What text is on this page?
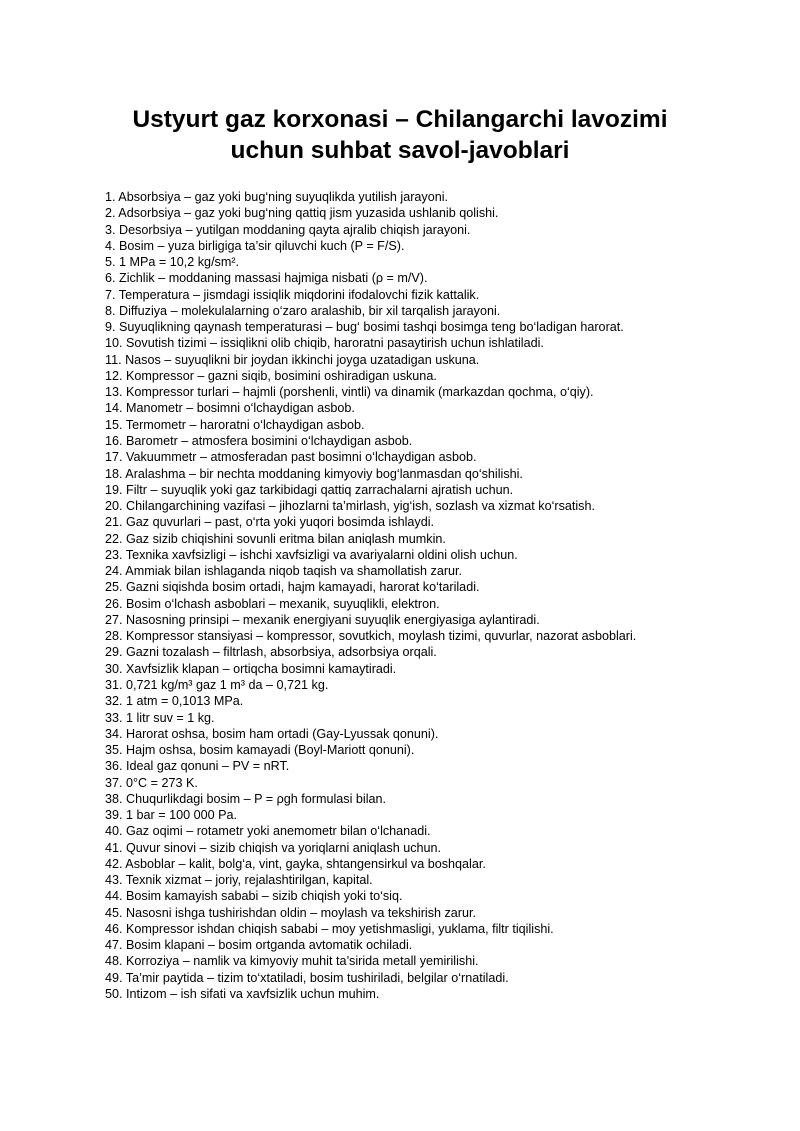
Ustyurt gaz korxonasi – Chilangarchi lavozimi
uchun suhbat savol-javoblari
1. Absorbsiya – gaz yoki bug‘ning suyuqlikda yutilish jarayoni.
2. Adsorbsiya – gaz yoki bug‘ning qattiq jism yuzasida ushlanib qolishi.
3. Desorbsiya – yutilgan moddaning qayta ajralib chiqish jarayoni.
4. Bosim – yuza birligiga ta’sir qiluvchi kuch (P = F/S).
5. 1 MPa = 10,2 kg/sm².
6. Zichlik – moddaning massasi hajmiga nisbati (ρ = m/V).
7. Temperatura – jismdagi issiqlik miqdorini ifodalovchi fizik kattalik.
8. Diffuziya – molekulalarning o‘zaro aralashib, bir xil tarqalish jarayoni.
9. Suyuqlikning qaynash temperaturasi – bug‘ bosimi tashqi bosimga teng bo‘ladigan harorat.
10. Sovutish tizimi – issiqlikni olib chiqib, haroratni pasaytirish uchun ishlatiladi.
11. Nasos – suyuqlikni bir joydan ikkinchi joyga uzatadigan uskuna.
12. Kompressor – gazni siqib, bosimini oshiradigan uskuna.
13. Kompressor turlari – hajmli (porshenli, vintli) va dinamik (markazdan qochma, o‘qiy).
14. Manometr – bosimni o‘lchaydigan asbob.
15. Termometr – haroratni o‘lchaydigan asbob.
16. Barometr – atmosfera bosimini o‘lchaydigan asbob.
17. Vakuummetr – atmosferadan past bosimni o‘lchaydigan asbob.
18. Aralashma – bir nechta moddaning kimyoviy bog‘lanmasdan qo‘shilishi.
19. Filtr – suyuqlik yoki gaz tarkibidagi qattiq zarrachalarni ajratish uchun.
20. Chilangarchining vazifasi – jihozlarni ta’mirlash, yig‘ish, sozlash va xizmat ko‘rsatish.
21. Gaz quvurlari – past, o‘rta yoki yuqori bosimda ishlaydi.
22. Gaz sizib chiqishini sovunli eritma bilan aniqlash mumkin.
23. Texnika xavfsizligi – ishchi xavfsizligi va avariyalarni oldini olish uchun.
24. Ammiak bilan ishlaganda niqob taqish va shamollatish zarur.
25. Gazni siqishda bosim ortadi, hajm kamayadi, harorat ko‘tariladi.
26. Bosim o‘lchash asboblari – mexanik, suyuqlikli, elektron.
27. Nasosning prinsipi – mexanik energiyani suyuqlik energiyasiga aylantiradi.
28. Kompressor stansiyasi – kompressor, sovutkich, moylash tizimi, quvurlar, nazorat asboblari.
29. Gazni tozalash – filtrlash, absorbsiya, adsorbsiya orqali.
30. Xavfsizlik klapan – ortiqcha bosimni kamaytiradi.
31. 0,721 kg/m³ gaz 1 m³ da – 0,721 kg.
32. 1 atm = 0,1013 MPa.
33. 1 litr suv = 1 kg.
34. Harorat oshsa, bosim ham ortadi (Gay-Lyussak qonuni).
35. Hajm oshsa, bosim kamayadi (Boyl-Mariott qonuni).
36. Ideal gaz qonuni – PV = nRT.
37. 0°C = 273 K.
38. Chuqurlikdagi bosim – P = ρgh formulasi bilan.
39. 1 bar = 100 000 Pa.
40. Gaz oqimi – rotametr yoki anemometr bilan o‘lchanadi.
41. Quvur sinovi – sizib chiqish va yoriqlarni aniqlash uchun.
42. Asboblar – kalit, bolg‘a, vint, gayka, shtangensirkul va boshqalar.
43. Texnik xizmat – joriy, rejalashtirilgan, kapital.
44. Bosim kamayish sababi – sizib chiqish yoki to‘siq.
45. Nasosni ishga tushirishdan oldin – moylash va tekshirish zarur.
46. Kompressor ishdan chiqish sababi – moy yetishmasligi, yuklama, filtr tiqilishi.
47. Bosim klapani – bosim ortganda avtomatik ochiladi.
48. Korroziya – namlik va kimyoviy muhit ta’sirida metall yemirilishi.
49. Ta’mir paytida – tizim to‘xtatiladi, bosim tushiriladi, belgilar o‘rnatiladi.
50. Intizom – ish sifati va xavfsizlik uchun muhim.
